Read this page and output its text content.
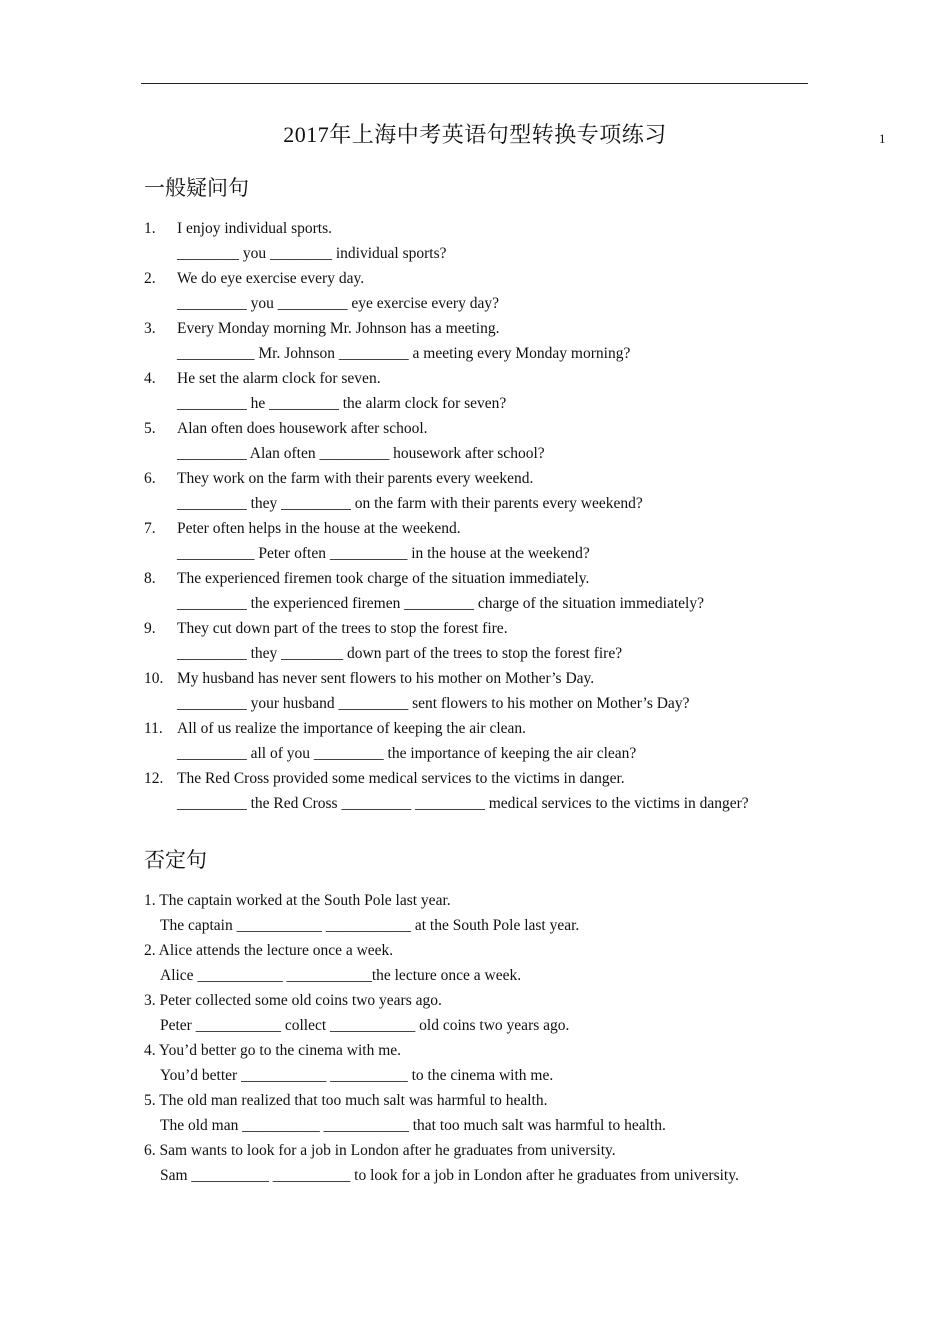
2017年上海中考英语句型转换专项练习	1
一般疑问句
1.	I enjoy individual sports.
________ you ________ individual sports?
2.	We do eye exercise every day.
_________ you _________ eye exercise every day?
3.	Every Monday morning Mr. Johnson has a meeting.
__________ Mr. Johnson _________ a meeting every Monday morning?
4.	He set the alarm clock for seven.
_________ he _________ the alarm clock for seven?
5.	Alan often does housework after school.
_________ Alan often _________ housework after school?
6.	They work on the farm with their parents every weekend.
_________ they _________ on the farm with their parents every weekend?
7.	Peter often helps in the house at the weekend.
__________ Peter often __________ in the house at the weekend?
8.	The experienced firemen took charge of the situation immediately.
_________ the experienced firemen _________ charge of the situation immediately?
9.	They cut down part of the trees to stop the forest fire.
_________ they ________ down part of the trees to stop the forest fire?
10. My husband has never sent flowers to his mother on Mother’s Day.
_________ your husband _________ sent flowers to his mother on Mother’s Day?
11. All of us realize the importance of keeping the air clean.
_________ all of you _________ the importance of keeping the air clean?
12. The Red Cross provided some medical services to the victims in danger.
_________ the Red Cross _________ _________ medical services to the victims in danger?
否定句
1. The captain worked at the South Pole last year.
The captain ___________ ___________ at the South Pole last year.
2. Alice attends the lecture once a week.
Alice ___________ ___________the lecture once a week.
3. Peter collected some old coins two years ago.
Peter ___________ collect ___________ old coins two years ago.
4. You’d better go to the cinema with me.
You’d better ___________ __________ to the cinema with me.
5. The old man realized that too much salt was harmful to health.
The old man __________ ___________ that too much salt was harmful to health.
6. Sam wants to look for a job in London after he graduates from university.
Sam __________ __________ to look for a job in London after he graduates from university.
